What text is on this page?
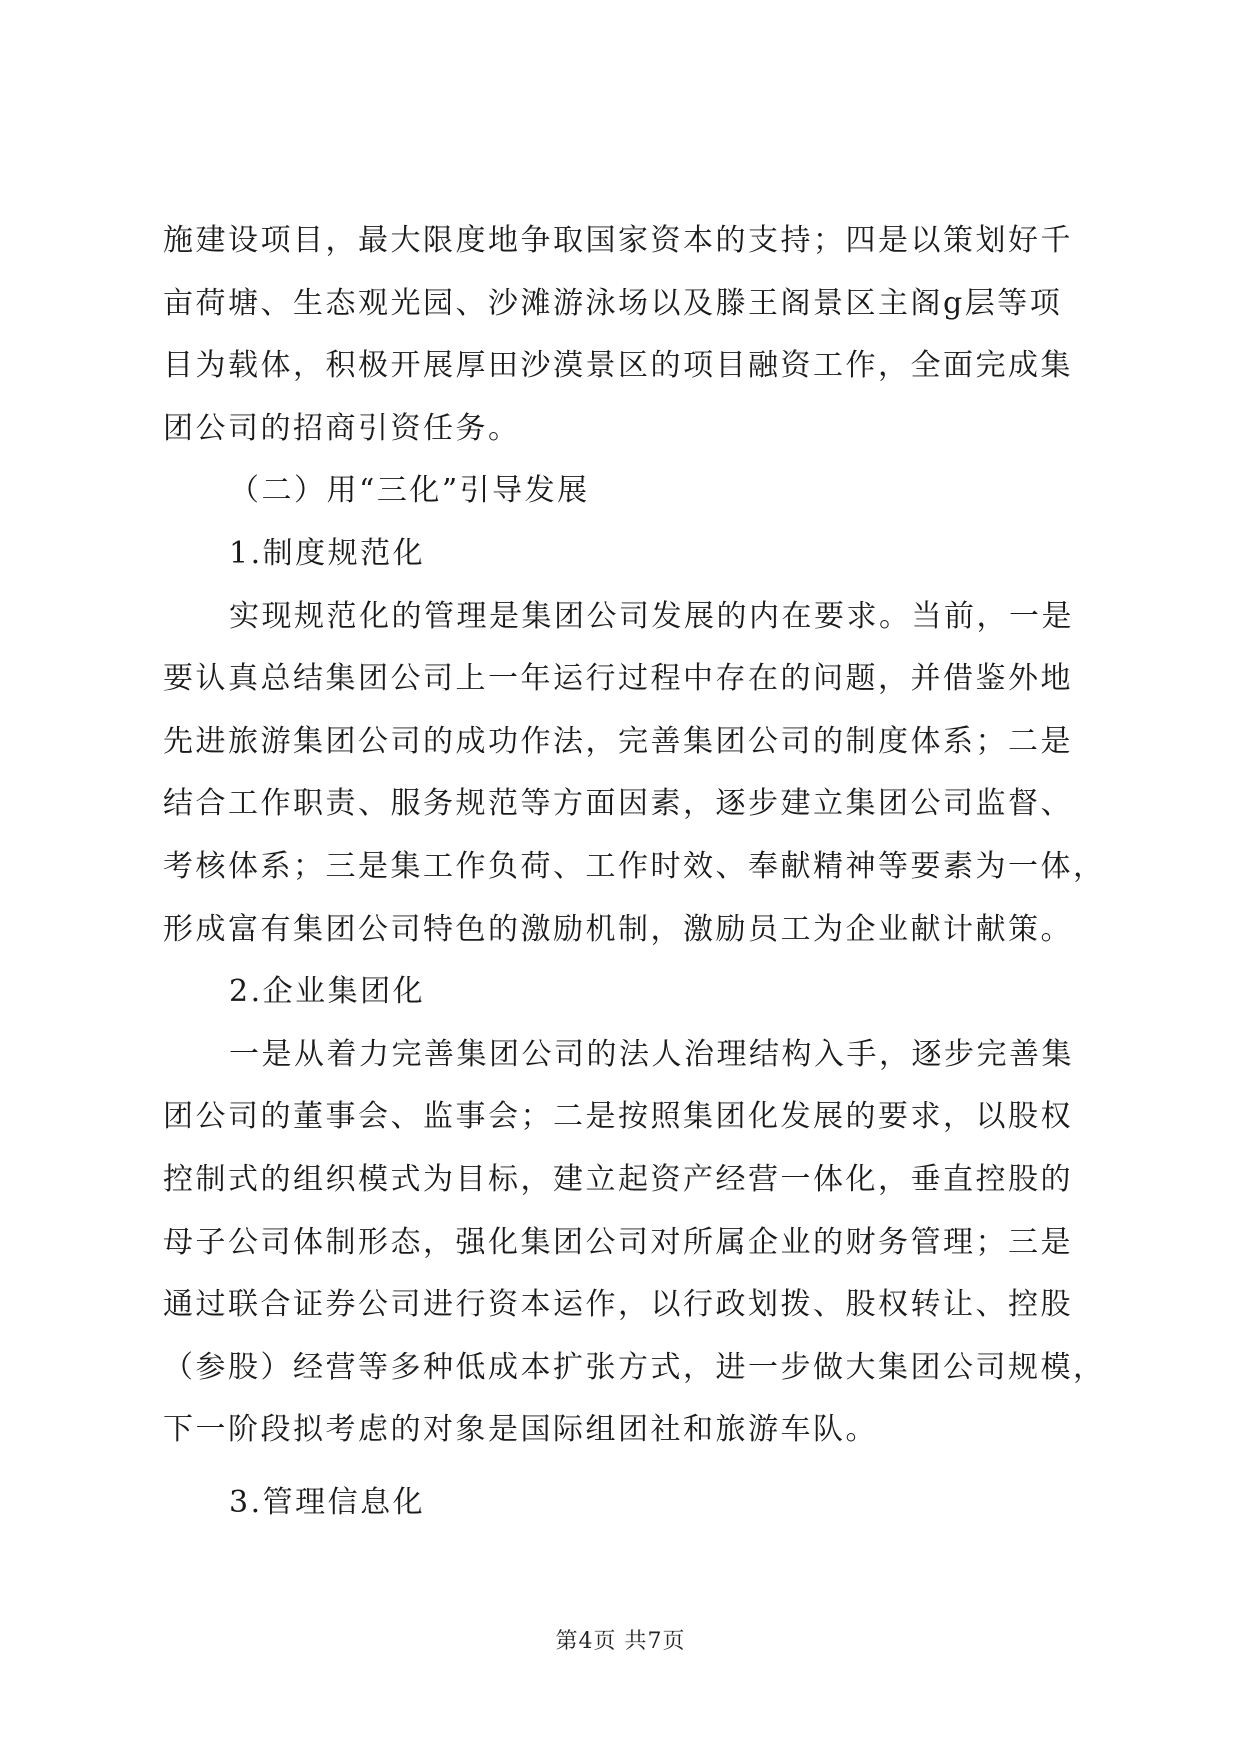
施建设项目，最大限度地争取国家资本的支持；四是以策划好千
亩荷塘、生态观光园、沙滩游泳场以及滕王阁景区主阁g层等项
目为载体，积极开展厚田沙漠景区的项目融资工作，全面完成集
团公司的招商引资任务。
（二）用“三化”引导发展
1.制度规范化
实现规范化的管理是集团公司发展的内在要求。当前，一是
要认真总结集团公司上一年运行过程中存在的问题，并借鉴外地
先进旅游集团公司的成功作法，完善集团公司的制度体系；二是
结合工作职责、服务规范等方面因素，逐步建立集团公司监督、
考核体系；三是集工作负荷、工作时效、奉献精神等要素为一体，
形成富有集团公司特色的激励机制，激励员工为企业献计献策。
2.企业集团化
一是从着力完善集团公司的法人治理结构入手，逐步完善集
团公司的董事会、监事会；二是按照集团化发展的要求，以股权
控制式的组织模式为目标，建立起资产经营一体化，垂直控股的
母子公司体制形态，强化集团公司对所属企业的财务管理；三是
通过联合证券公司进行资本运作，以行政划拨、股权转让、控股
（参股）经营等多种低成本扩张方式，进一步做大集团公司规模，
下一阶段拟考虑的对象是国际组团社和旅游车队。
3.管理信息化
第4页 共7页
